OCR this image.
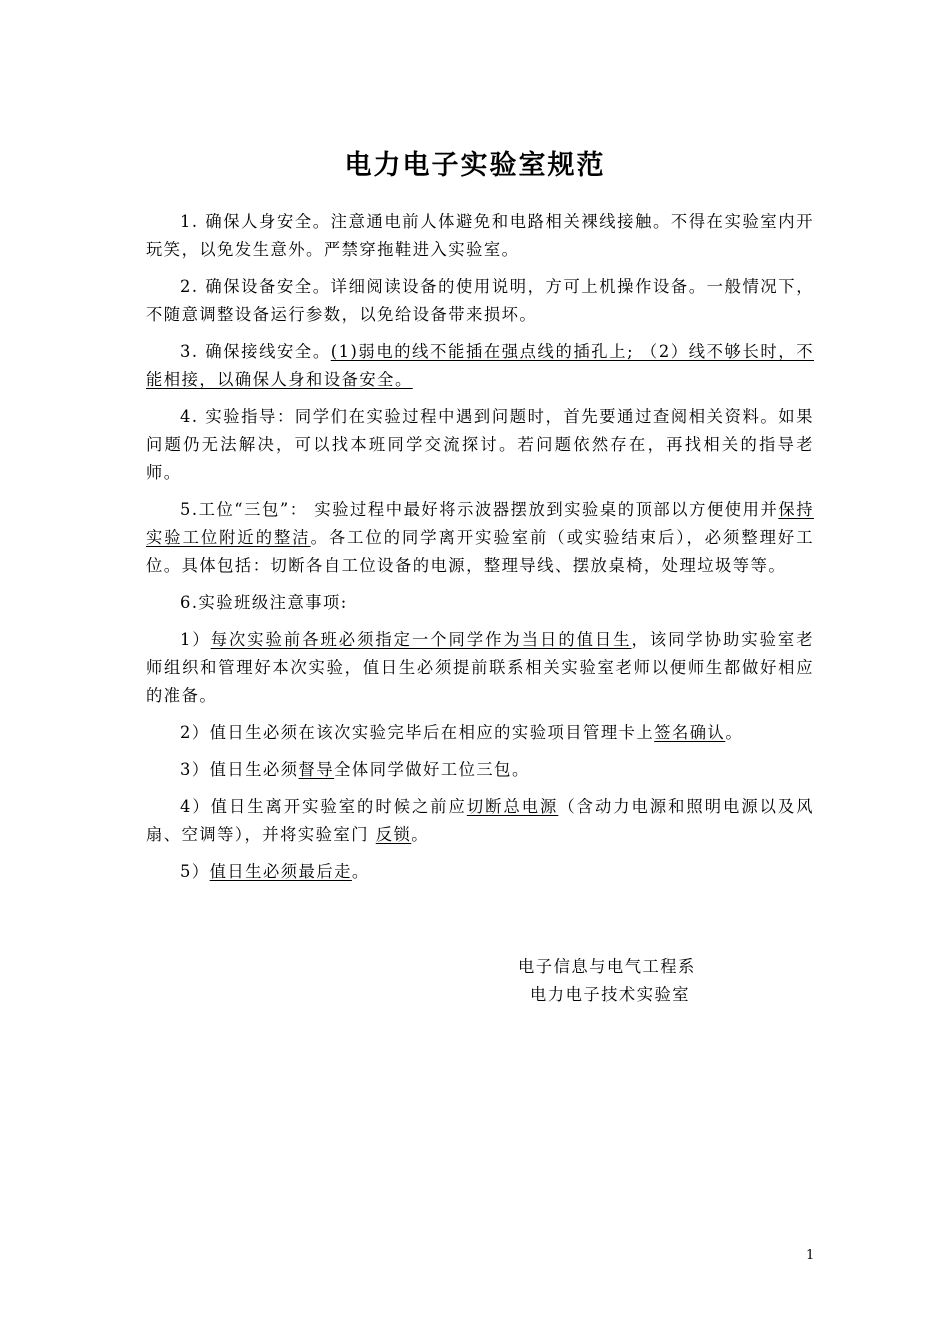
电力电子实验室规范

1. 确保人身安全。注意通电前人体避免和电路相关裸线接触。不得在实验室内开玩笑，以免发生意外。严禁穿拖鞋进入实验室。

2. 确保设备安全。详细阅读设备的使用说明，方可上机操作设备。一般情况下，不随意调整设备运行参数，以免给设备带来损坏。

3. 确保接线安全。(1)弱电的线不能插在强点线的插孔上; （2）线不够长时，不能相接，以确保人身和设备安全。

4. 实验指导：同学们在实验过程中遇到问题时，首先要通过查阅相关资料。如果问题仍无法解决，可以找本班同学交流探讨。若问题依然存在，再找相关的指导老师。

5.工位“三包”： 实验过程中最好将示波器摆放到实验桌的顶部以方便使用并保持实验工位附近的整洁。各工位的同学离开实验室前（或实验结束后），必须整理好工位。具体包括：切断各自工位设备的电源，整理导线、摆放桌椅，处理垃圾等等。

6.实验班级注意事项:

1）每次实验前各班必须指定一个同学作为当日的值日生，该同学协助实验室老师组织和管理好本次实验，值日生必须提前联系相关实验室老师以便师生都做好相应的准备。

2）值日生必须在该次实验完毕后在相应的实验项目管理卡上签名确认。

3）值日生必须督导全体同学做好工位三包。

4）值日生离开实验室的时候之前应切断总电源（含动力电源和照明电源以及风扇、空调等），并将实验室门 反锁。

5）值日生必须最后走。

电子信息与电气工程系
电力电子技术实验室
1
